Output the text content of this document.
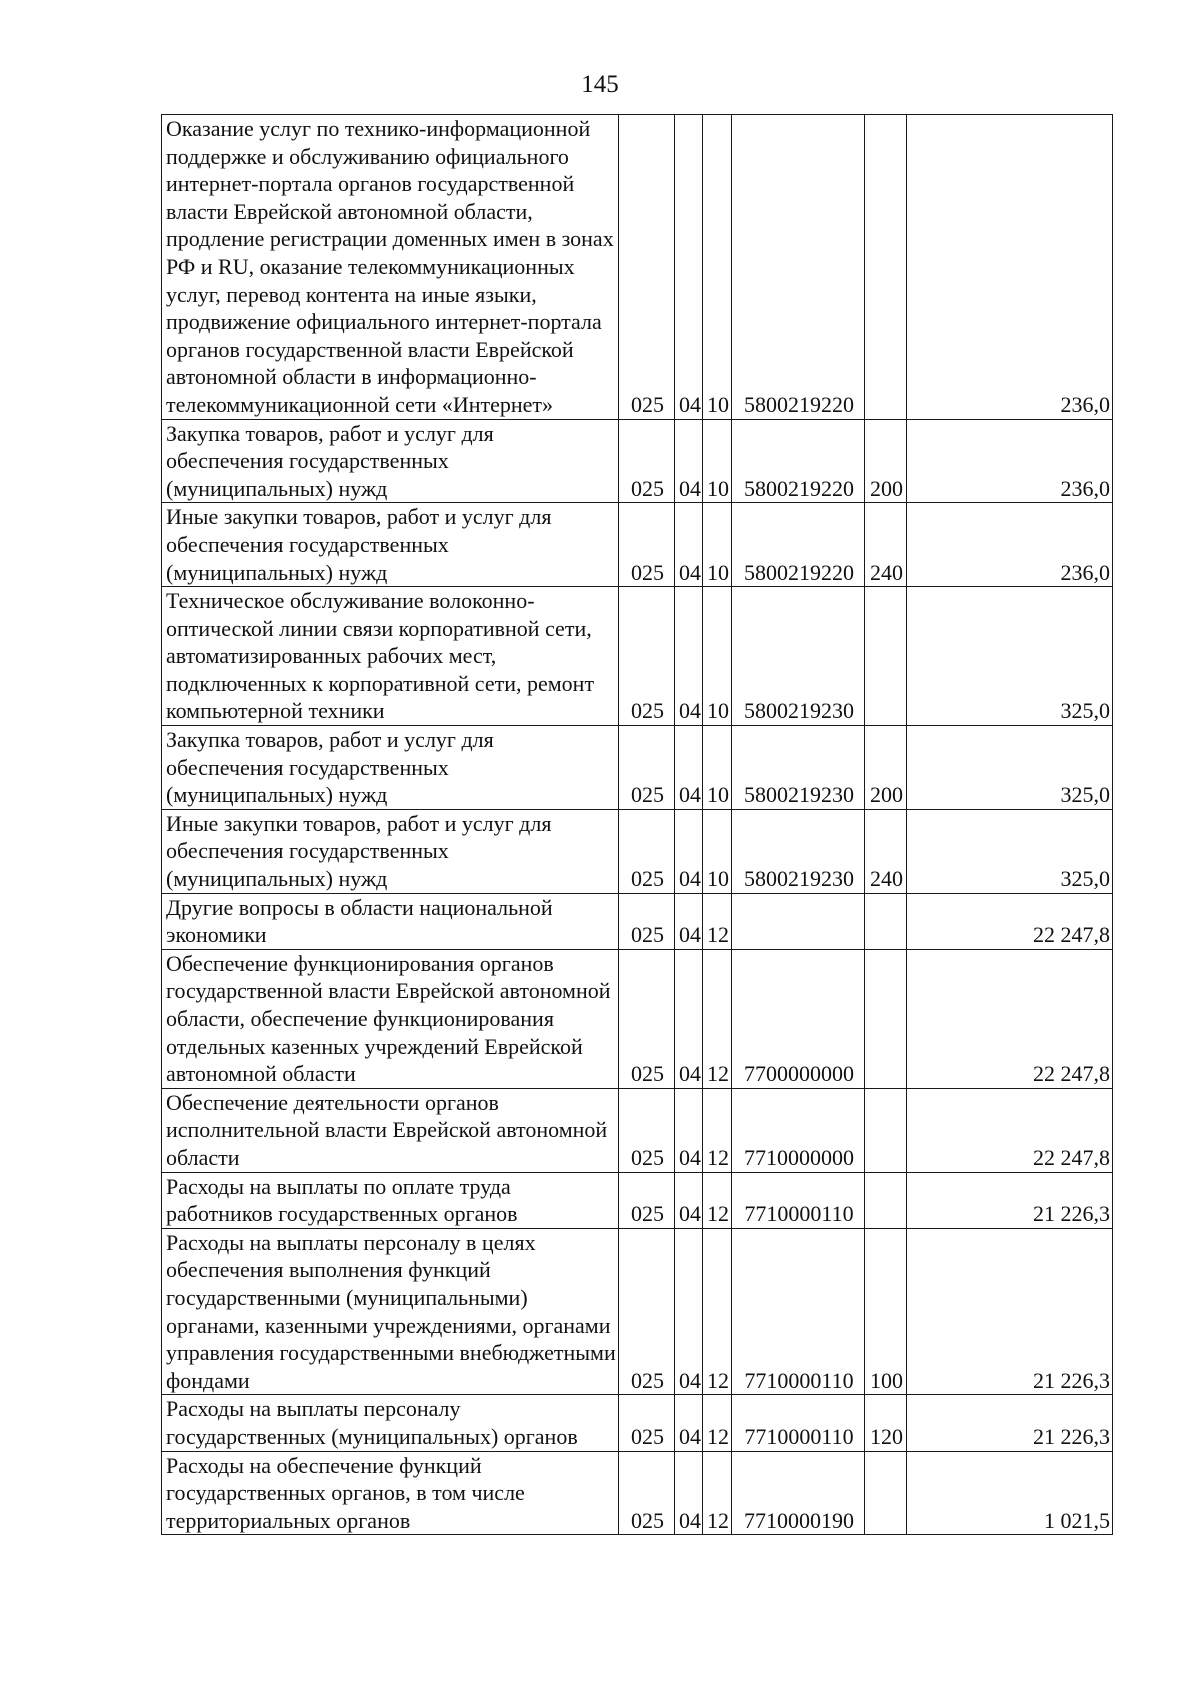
145
Оказание услуг по технико-информационной поддержке и обслуживанию официального интернет-портала органов государственной власти Еврейской автономной области, продление регистрации доменных имен в зонах РФ и RU, оказание телекоммуникационных услуг, перевод контента на иные языки, продвижение официального интернет-портала органов государственной власти Еврейской автономной области в информационно-телекоммуникационной сети «Интернет»	025	04	10	5800219220		236,0

Закупка товаров, работ и услуг для обеспечения государственных (муниципальных) нужд	025	04	10	5800219220	200	236,0

Иные закупки товаров, работ и услуг для обеспечения государственных (муниципальных) нужд	025	04	10	5800219220	240	236,0

Техническое обслуживание волоконно-оптической линии связи корпоративной сети, автоматизированных рабочих мест, подключенных к корпоративной сети, ремонт компьютерной техники	025	04	10	5800219230		325,0

Закупка товаров, работ и услуг для обеспечения государственных (муниципальных) нужд	025	04	10	5800219230	200	325,0

Иные закупки товаров, работ и услуг для обеспечения государственных (муниципальных) нужд	025	04	10	5800219230	240	325,0

Другие вопросы в области национальной экономики	025	04	12			22 247,8

Обеспечение функционирования органов государственной власти Еврейской автономной области, обеспечение функционирования отдельных казенных учреждений Еврейской автономной области	025	04	12	7700000000		22 247,8

Обеспечение деятельности органов исполнительной власти Еврейской автономной области	025	04	12	7710000000		22 247,8

Расходы на выплаты по оплате труда работников государственных органов	025	04	12	7710000110		21 226,3

Расходы на выплаты персоналу в целях обеспечения выполнения функций государственными (муниципальными) органами, казенными учреждениями, органами управления государственными внебюджетными фондами	025	04	12	7710000110	100	21 226,3

Расходы на выплаты персоналу государственных (муниципальных) органов	025	04	12	7710000110	120	21 226,3

Расходы на обеспечение функций государственных органов, в том числе территориальных органов	025	04	12	7710000190		1 021,5
